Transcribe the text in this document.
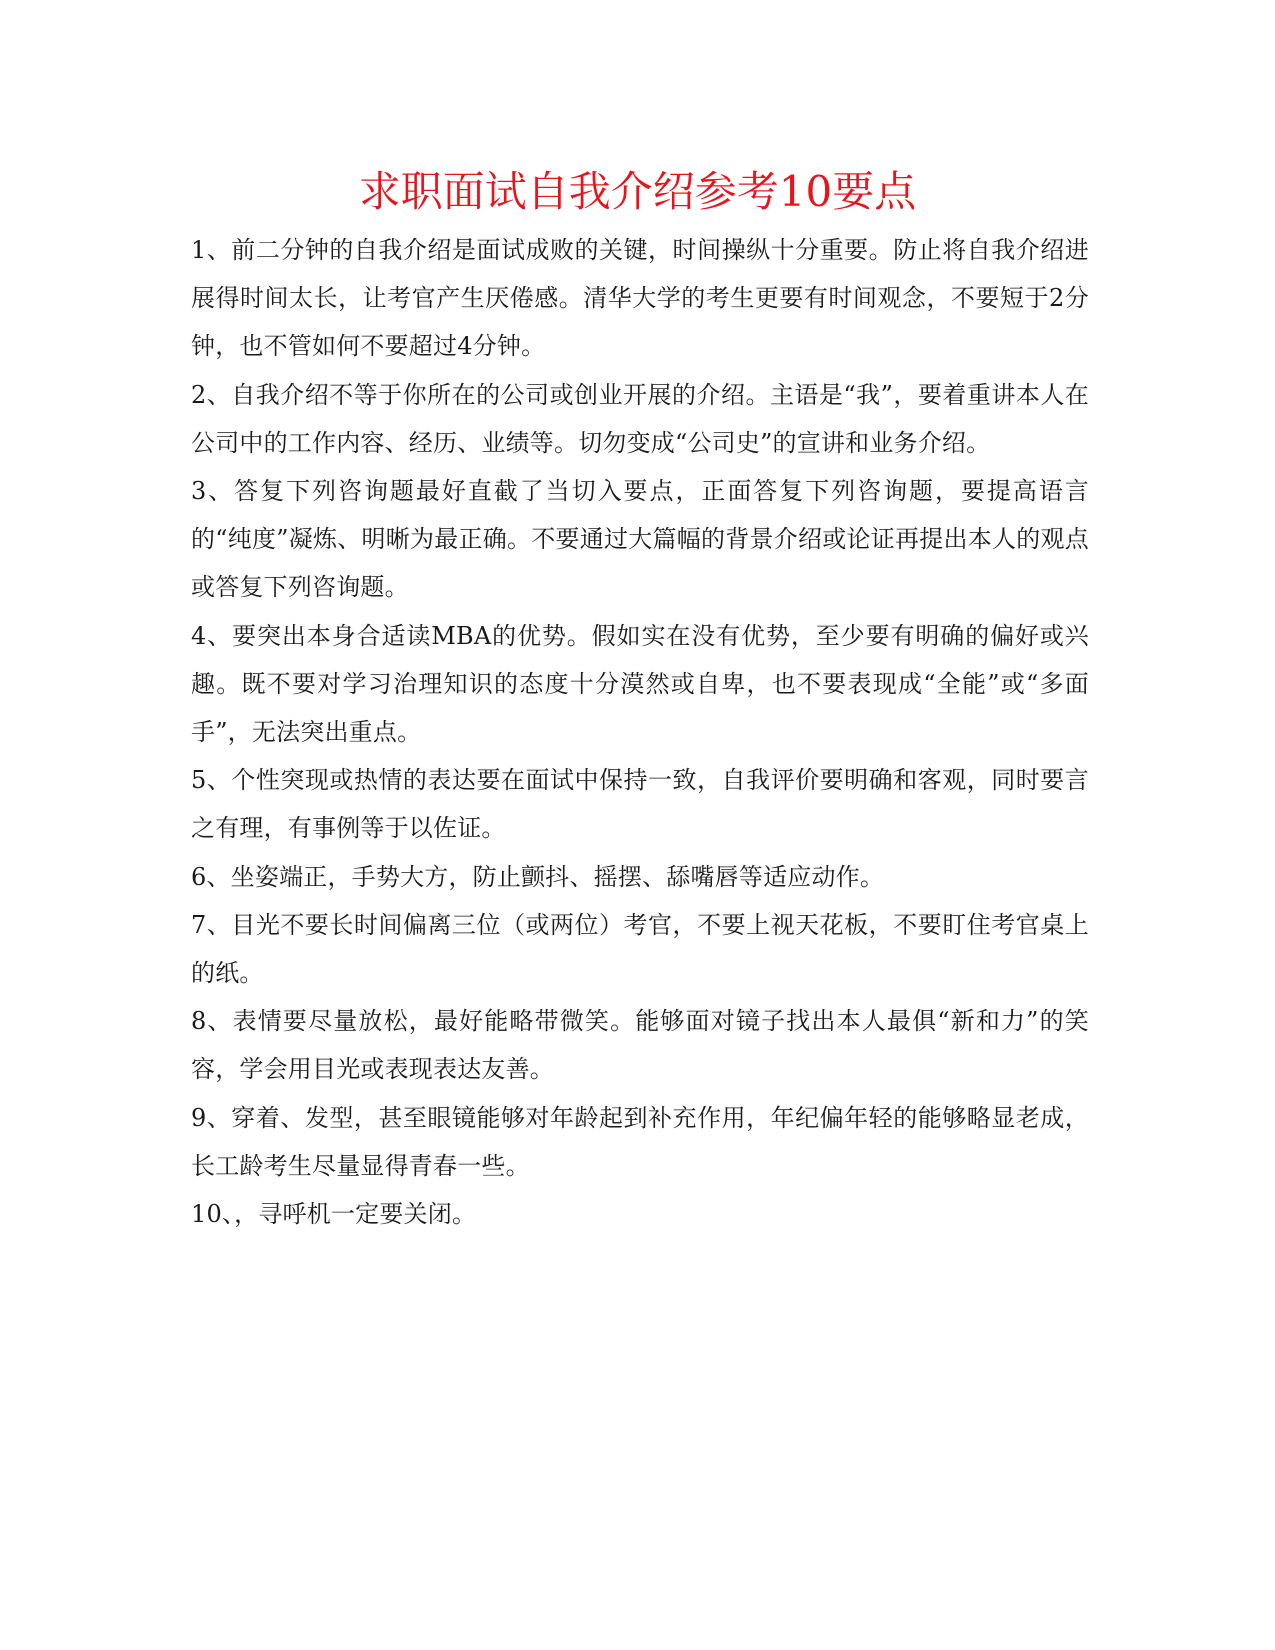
求职面试自我介绍参考10要点

1、前二分钟的自我介绍是面试成败的关键，时间操纵十分重要。防止将自我介绍进展得时间太长，让考官产生厌倦感。清华大学的考生更要有时间观念，不要短于2分钟，也不管如何不要超过4分钟。

2、自我介绍不等于你所在的公司或创业开展的介绍。主语是“我”，要着重讲本人在公司中的工作内容、经历、业绩等。切勿变成“公司史”的宣讲和业务介绍。

3、答复下列咨询题最好直截了当切入要点，正面答复下列咨询题，要提高语言的“纯度”凝炼、明晰为最正确。不要通过大篇幅的背景介绍或论证再提出本人的观点或答复下列咨询题。

4、要突出本身合适读MBA的优势。假如实在没有优势，至少要有明确的偏好或兴趣。既不要对学习治理知识的态度十分漠然或自卑，也不要表现成“全能”或“多面手”，无法突出重点。

5、个性突现或热情的表达要在面试中保持一致，自我评价要明确和客观，同时要言之有理，有事例等于以佐证。

6、坐姿端正，手势大方，防止颤抖、摇摆、舔嘴唇等适应动作。

7、目光不要长时间偏离三位（或两位）考官，不要上视天花板，不要盯住考官桌上的纸。

8、表情要尽量放松，最好能略带微笑。能够面对镜子找出本人最俱“新和力”的笑容，学会用目光或表现表达友善。

9、穿着、发型，甚至眼镜能够对年龄起到补充作用，年纪偏年轻的能够略显老成，长工龄考生尽量显得青春一些。

10、，寻呼机一定要关闭。
